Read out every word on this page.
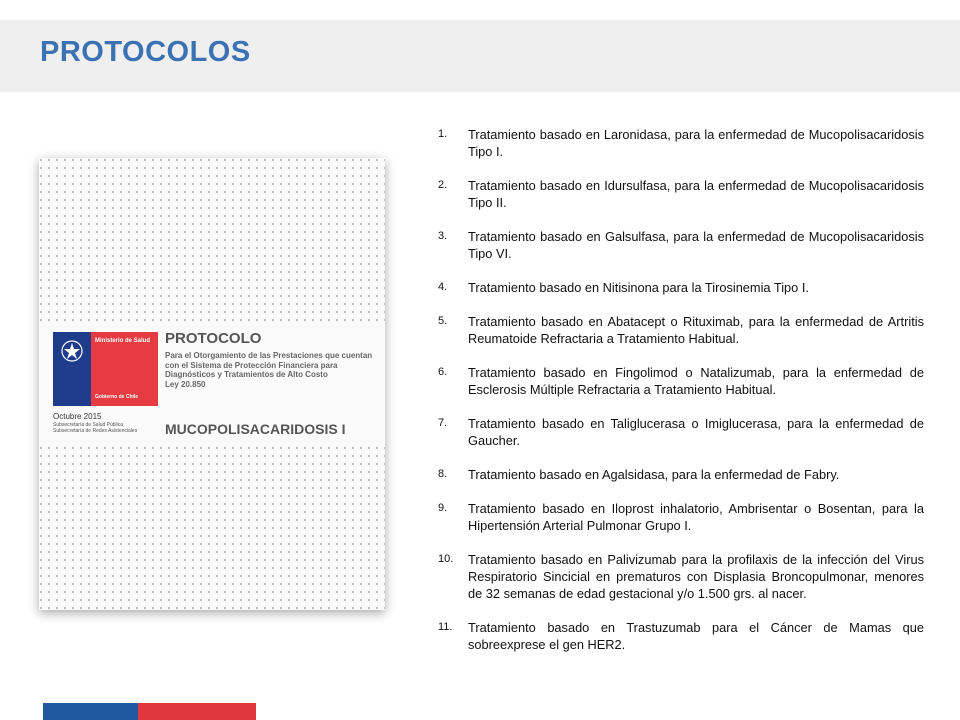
PROTOCOLOS
Ministerio de Salud
Gobierno de Chile
PROTOCOLO
Para el Otorgamiento de las Prestaciones que cuentan con el Sistema de Protección Financiera para Diagnósticos y Tratamientos de Alto Costo
Ley 20.850
Octubre 2015
Subsecretaría de Salud Pública
Subsecretaría de Redes Asistenciales	MUCOPOLISACARIDOSIS I
1. Tratamiento basado en Laronidasa, para la enfermedad de Mucopolisacaridosis Tipo I.
2. Tratamiento basado en Idursulfasa, para la enfermedad de Mucopolisacaridosis Tipo II.
3. Tratamiento basado en Galsulfasa, para la enfermedad de Mucopolisacaridosis Tipo VI.
4. Tratamiento basado en Nitisinona para la Tirosinemia Tipo I.
5. Tratamiento basado en Abatacept o Rituximab, para la enfermedad de Artritis Reumatoide Refractaria a Tratamiento Habitual.
6. Tratamiento basado en Fingolimod o Natalizumab, para la enfermedad de Esclerosis Múltiple Refractaria a Tratamiento Habitual.
7. Tratamiento basado en Taliglucerasa o Imiglucerasa, para la enfermedad de Gaucher.
8. Tratamiento basado en Agalsidasa, para la enfermedad de Fabry.
9. Tratamiento basado en Iloprost inhalatorio, Ambrisentar o Bosentan, para la Hipertensión Arterial Pulmonar Grupo I.
10. Tratamiento basado en Palivizumab para la profilaxis de la infección del Virus Respiratorio Sincicial en prematuros con Displasia Broncopulmonar, menores de 32 semanas de edad gestacional y/o 1.500 grs. al nacer.
11. Tratamiento basado en Trastuzumab para el Cáncer de Mamas que sobreexprese el gen HER2.
